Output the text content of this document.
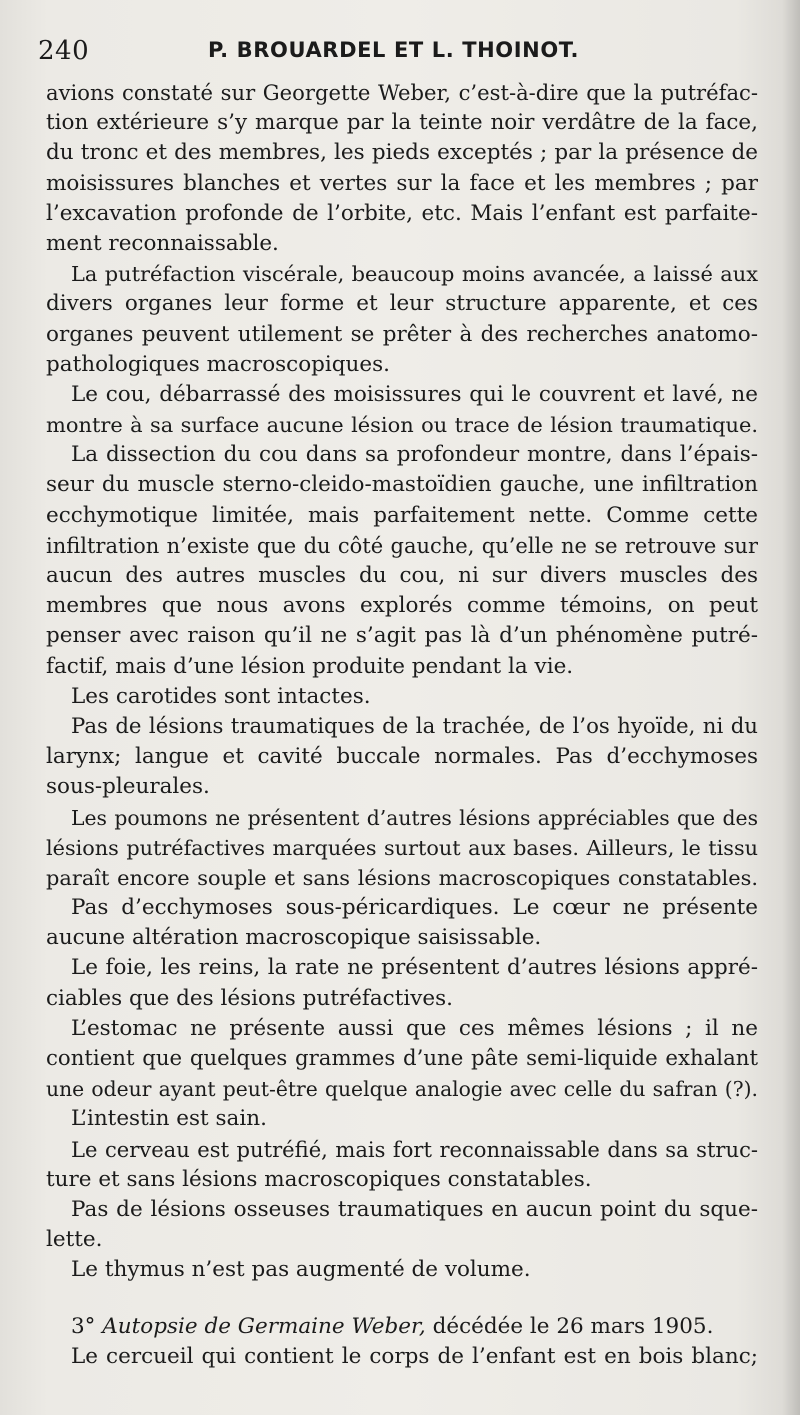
240	P. BROUARDEL ET L. THOINOT.
avions constaté sur Georgette Weber, c’est-à-dire que la putréfac-
tion extérieure s’y marque par la teinte noir verdâtre de la face,
du tronc et des membres, les pieds exceptés ; par la présence de
moisissures blanches et vertes sur la face et les membres ; par
l’excavation profonde de l’orbite, etc. Mais l’enfant est parfaite-
ment reconnaissable.
La putréfaction viscérale, beaucoup moins avancée, a laissé aux
divers organes leur forme et leur structure apparente, et ces
organes peuvent utilement se prêter à des recherches anatomo-
pathologiques macroscopiques.
Le cou, débarrassé des moisissures qui le couvrent et lavé, ne
montre à sa surface aucune lésion ou trace de lésion traumatique.
La dissection du cou dans sa profondeur montre, dans l’épais-
seur du muscle sterno-cleido-mastoïdien gauche, une infiltration
ecchymotique limitée, mais parfaitement nette. Comme cette
infiltration n’existe que du côté gauche, qu’elle ne se retrouve sur
aucun des autres muscles du cou, ni sur divers muscles des
membres que nous avons explorés comme témoins, on peut
penser avec raison qu’il ne s’agit pas là d’un phénomène putré-
factif, mais d’une lésion produite pendant la vie.
Les carotides sont intactes.
Pas de lésions traumatiques de la trachée, de l’os hyoïde, ni du
larynx; langue et cavité buccale normales. Pas d’ecchymoses
sous-pleurales.
Les poumons ne présentent d’autres lésions appréciables que des
lésions putréfactives marquées surtout aux bases. Ailleurs, le tissu
paraît encore souple et sans lésions macroscopiques constatables.
Pas d’ecchymoses sous-péricardiques. Le cœur ne présente
aucune altération macroscopique saisissable.
Le foie, les reins, la rate ne présentent d’autres lésions appré-
ciables que des lésions putréfactives.
L’estomac ne présente aussi que ces mêmes lésions ; il ne
contient que quelques grammes d’une pâte semi-liquide exhalant
une odeur ayant peut-être quelque analogie avec celle du safran (?).
L’intestin est sain.
Le cerveau est putréfié, mais fort reconnaissable dans sa struc-
ture et sans lésions macroscopiques constatables.
Pas de lésions osseuses traumatiques en aucun point du sque-
lette.
Le thymus n’est pas augmenté de volume.
3° Autopsie de Germaine Weber, décédée le 26 mars 1905.
Le cercueil qui contient le corps de l’enfant est en bois blanc;
